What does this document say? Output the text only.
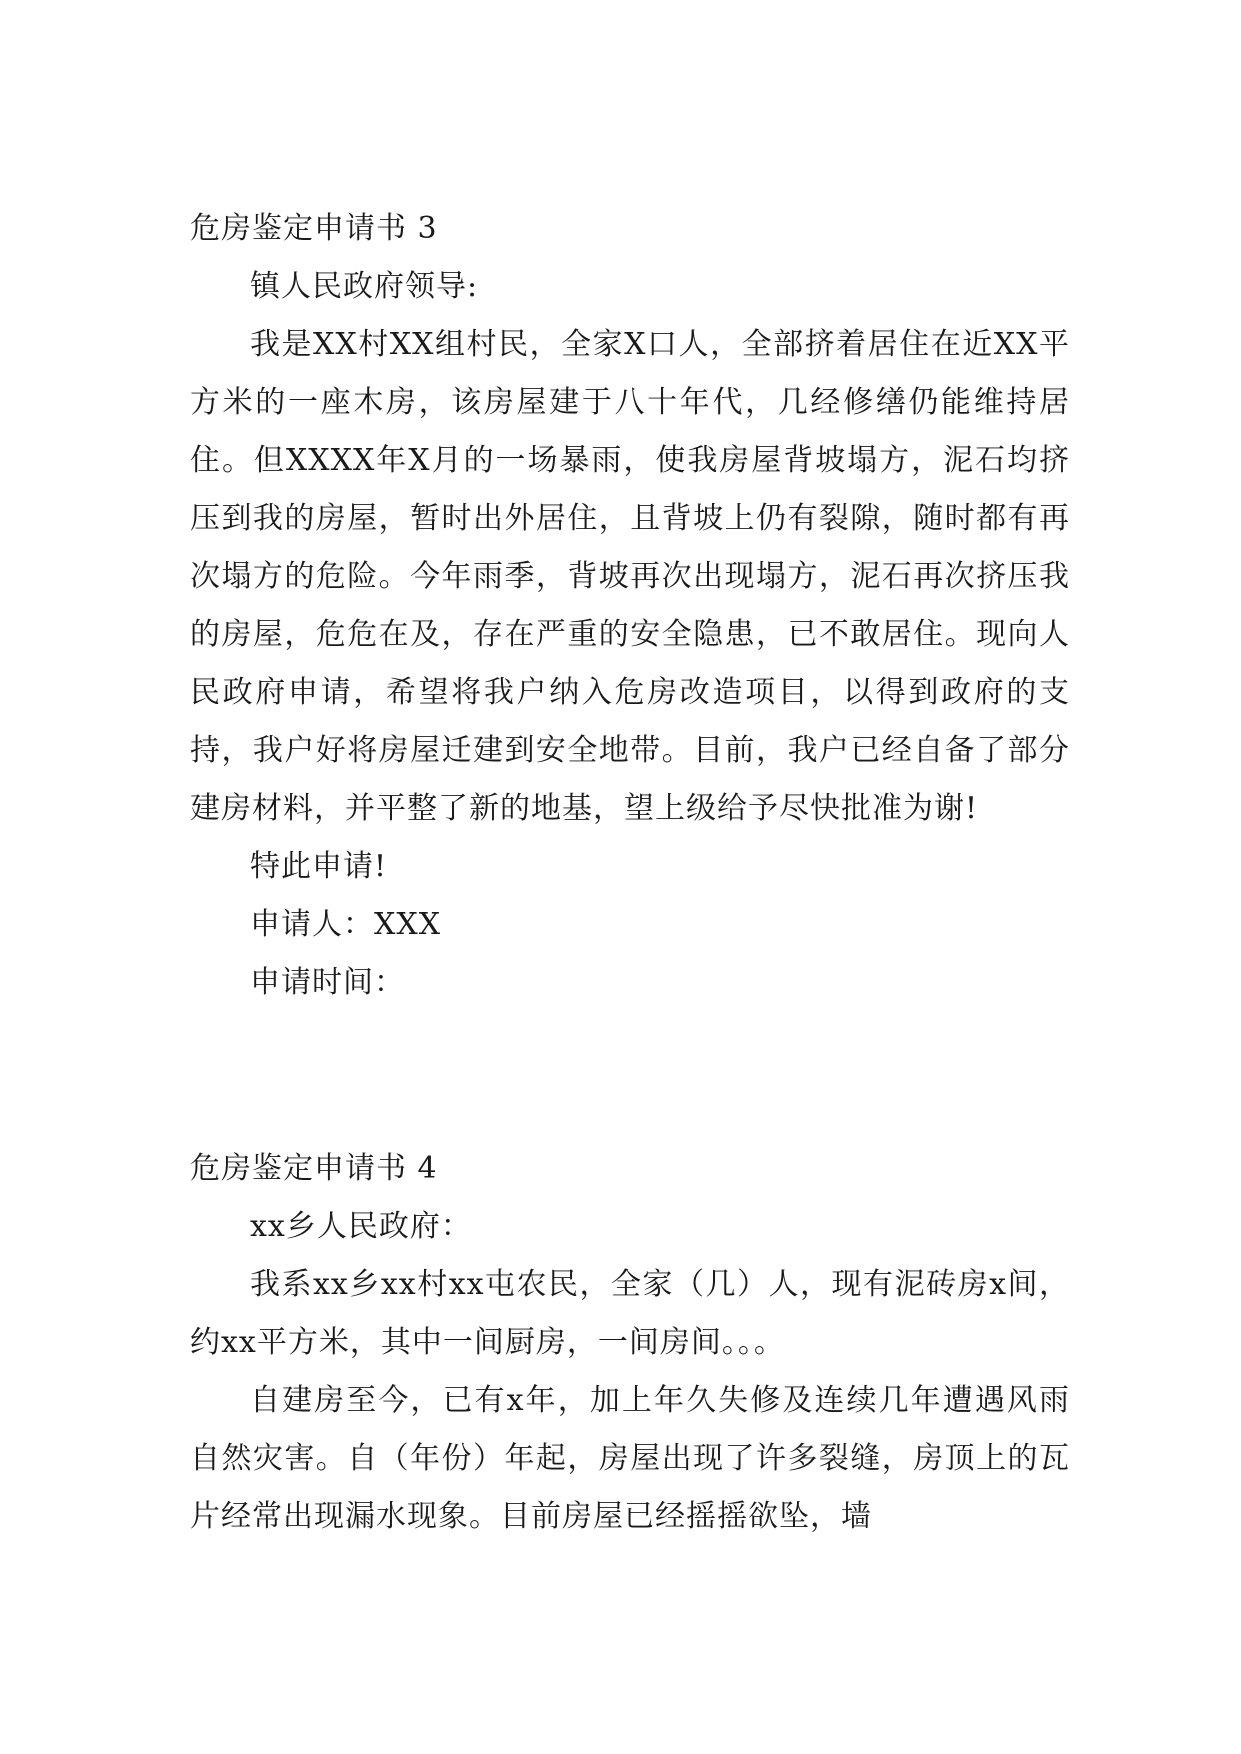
危房鉴定申请书 3

镇人民政府领导:

我是XX村XX组村民，全家X口人，全部挤着居住在近XX平方米的一座木房，该房屋建于八十年代，几经修缮仍能维持居住。但XXXX年X月的一场暴雨，使我房屋背坡塌方，泥石均挤压到我的房屋，暂时出外居住，且背坡上仍有裂隙，随时都有再次塌方的危险。今年雨季，背坡再次出现塌方，泥石再次挤压我的房屋，危危在及，存在严重的安全隐患，已不敢居住。现向人民政府申请，希望将我户纳入危房改造项目，以得到政府的支持，我户好将房屋迁建到安全地带。目前，我户已经自备了部分建房材料，并平整了新的地基，望上级给予尽快批准为谢!

特此申请!

申请人：XXX

申请时间：

危房鉴定申请书 4

xx乡人民政府：

我系xx乡xx村xx屯农民，全家（几）人，现有泥砖房x间，约xx平方米，其中一间厨房，一间房间。。。

自建房至今，已有x年，加上年久失修及连续几年遭遇风雨自然灾害。自（年份）年起，房屋出现了许多裂缝，房顶上的瓦片经常出现漏水现象。目前房屋已经摇摇欲坠，墙
